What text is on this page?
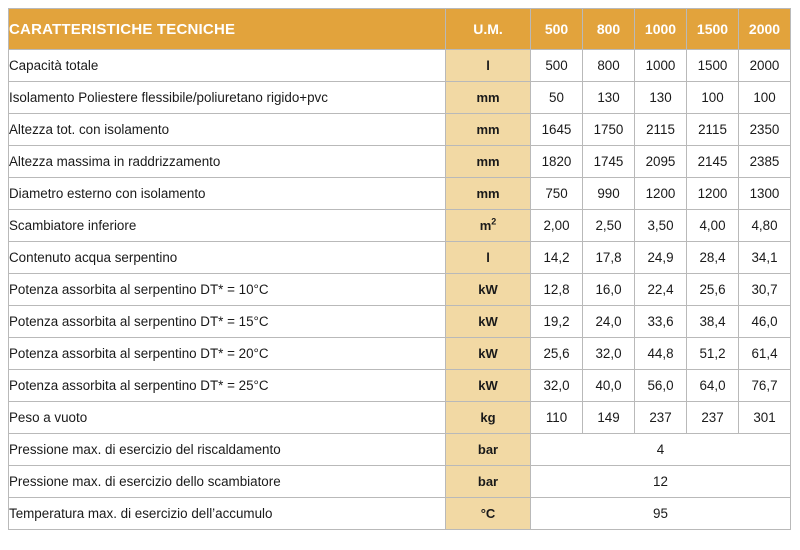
CARATTERISTICHE TECNICHE	U.M.	500	800	1000	1500	2000
Capacità totale	l	500	800	1000	1500	2000
Isolamento Poliestere flessibile/poliuretano rigido+pvc	mm	50	130	130	100	100
Altezza tot. con isolamento	mm	1645	1750	2115	2115	2350
Altezza massima in raddrizzamento	mm	1820	1745	2095	2145	2385
Diametro esterno con isolamento	mm	750	990	1200	1200	1300
Scambiatore inferiore	$m^2$	2,00	2,50	3,50	4,00	4,80
Contenuto acqua serpentino	l	14,2	17,8	24,9	28,4	34,1
Potenza assorbita al serpentino DT* = 10°C	kW	12,8	16,0	22,4	25,6	30,7
Potenza assorbita al serpentino DT* = 15°C	kW	19,2	24,0	33,6	38,4	46,0
Potenza assorbita al serpentino DT* = 20°C	kW	25,6	32,0	44,8	51,2	61,4
Potenza assorbita al serpentino DT* = 25°C	kW	32,0	40,0	56,0	64,0	76,7
Peso a vuoto	kg	110	149	237	237	301
Pressione max. di esercizio del riscaldamento	bar	4				
Pressione max. di esercizio dello scambiatore	bar	12				
Temperatura max. di esercizio dell’accumulo	°C	95				
